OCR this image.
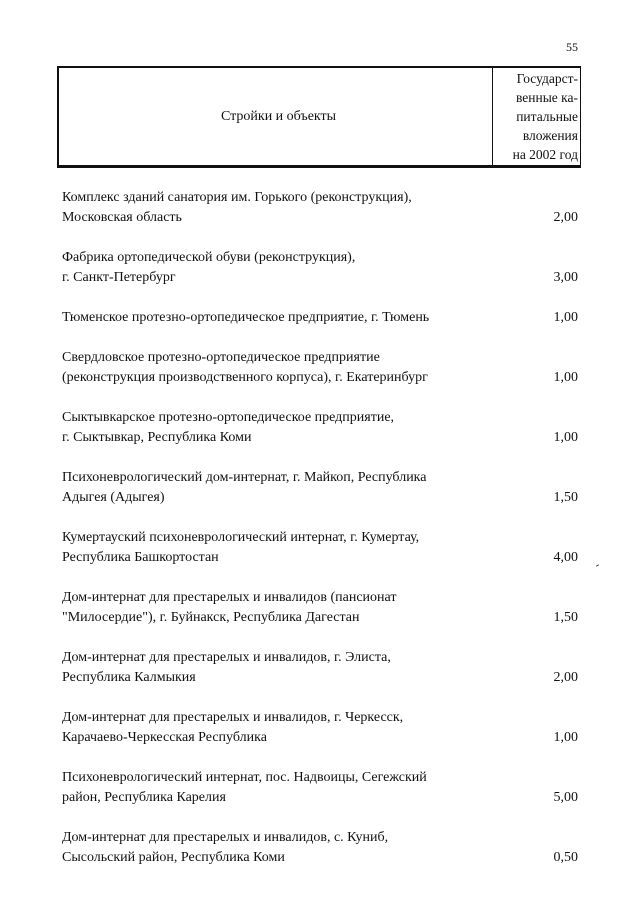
55
Стройки и объекты
Государст-
венные ка-
питальные
вложения
на 2002 год
Комплекс зданий санатория им. Горького (реконструкция),
Московская область	2,00
Фабрика ортопедической обуви (реконструкция),
г. Санкт-Петербург	3,00
Тюменское протезно-ортопедическое предприятие, г. Тюмень	1,00
Свердловское протезно-ортопедическое предприятие
(реконструкция производственного корпуса), г. Екатеринбург	1,00
Сыктывкарское протезно-ортопедическое предприятие,
г. Сыктывкар, Республика Коми	1,00
Психоневрологический дом-интернат, г. Майкоп, Республика
Адыгея (Адыгея)	1,50
Кумертауский психоневрологический интернат, г. Кумертау,
Республика Башкортостан	4,00
Дом-интернат для престарелых и инвалидов (пансионат
"Милосердие"), г. Буйнакск, Республика Дагестан	1,50
Дом-интернат для престарелых и инвалидов, г. Элиста,
Республика Калмыкия	2,00
Дом-интернат для престарелых и инвалидов, г. Черкесск,
Карачаево-Черкесская Республика	1,00
Психоневрологический интернат, пос. Надвоицы, Сегежский
район, Республика Карелия	5,00
Дом-интернат для престарелых и инвалидов, с. Куниб,
Сысольский район, Республика Коми	0,50
